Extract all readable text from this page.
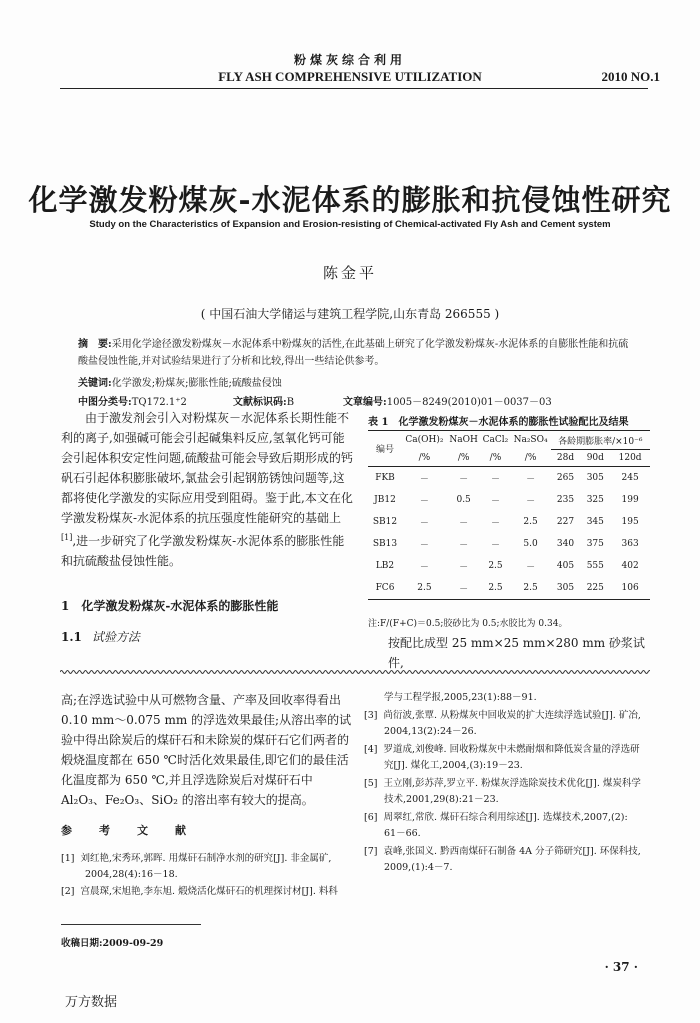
粉煤灰综合利用
FLY ASH COMPREHENSIVE UTILIZATION	2010 NO.1
化学激发粉煤灰-水泥体系的膨胀和抗侵蚀性研究
Study on the Characteristics of Expansion and Erosion-resisting of Chemical-activated Fly Ash and Cement system
陈金平
( 中国石油大学储运与建筑工程学院,山东青岛 266555 )
摘　要:采用化学途径激发粉煤灰－水泥体系中粉煤灰的活性,在此基础上研究了化学激发粉煤灰-水泥体系的自膨胀性能和抗硫酸盐侵蚀性能,并对试验结果进行了分析和比较,得出一些结论供参考。
关键词:化学激发;粉煤灰;膨胀性能;硫酸盐侵蚀
中图分类号:TQ172.1⁺2	文献标识码:B	文章编号:1005－8249(2010)01－0037－03

由于激发剂会引入对粉煤灰－水泥体系长期性能不利的离子,如强碱可能会引起碱集料反应,氢氧化钙可能会引起体积安定性问题,硫酸盐可能会导致后期形成的钙矾石引起体积膨胀破坏,氯盐会引起钢筋锈蚀问题等,这都将使化学激发的实际应用受到阻碍。鉴于此,本文在化学激发粉煤灰-水泥体系的抗压强度性能研究的基础上[1],进一步研究了化学激发粉煤灰-水泥体系的膨胀性能和抗硫酸盐侵蚀性能。

1　化学激发粉煤灰-水泥体系的膨胀性能
1.1 试验方法
表 1　化学激发粉煤灰－水泥体系的膨胀性试验配比及结果
编号	Ca(OH)₂	NaOH	CaCl₂	Na₂SO₄	各龄期膨胀率/×10⁻⁶		
	/%	/%	/%	/%	28d	90d	120d
FKB	－	－	－	－	265	305	245
JB12	－	0.5	－	－	235	325	199
SB12	－	－	－	2.5	227	345	195
SB13	－	－	－	5.0	340	375	363
LB2	－	－	2.5	－	405	555	402
FC6	2.5	－	2.5	2.5	305	225	106
注:F/(F+C)＝0.5;胶砂比为 0.5;水胶比为 0.34。
按配比成型 25 mm×25 mm×280 mm 砂浆试件,
高;在浮选试验中从可燃物含量、产率及回收率得看出 0.10 mm～0.075 mm 的浮选效果最佳;从溶出率的试验中得出除炭后的煤矸石和未除炭的煤矸石它们两者的煅烧温度都在 650 ℃时活化效果最佳,即它们的最佳活化温度都为 650 ℃,并且浮选除炭后对煤矸石中 Al₂O₃、Fe₂O₃、SiO₂ 的溶出率有较大的提高。
参　考　文　献
[1] 刘红艳,宋秀环,郭晖. 用煤矸石制净水剂的研究[J]. 非金属矿,
2004,28(4):16－18.
[2] 宫晨琛,宋旭艳,李东旭. 煅烧活化煤矸石的机理探讨材[J]. 料科
学与工程学报,2005,23(1):88－91.
[3] 尚衍波,张覃. 从粉煤灰中回收炭的扩大连续浮选试验[J]. 矿冶,
2004,13(2):24－26.
[4] 罗道成,刘俊峰. 回收粉煤灰中未燃耐烟和降低炭含量的浮选研
究[J]. 煤化工,2004,(3):19－23.
[5] 王立刚,彭苏萍,罗立平. 粉煤灰浮选除炭技术优化[J]. 煤炭科学
技术,2001,29(8):21－23.
[6] 周翠红,常欣. 煤矸石综合利用综述[J]. 选煤技术,2007,(2):
61－66.
[7] 袁峰,张国义. 黔西南煤矸石制备 4A 分子筛研究[J]. 环保科技,
2009,(1):4－7.
收稿日期:2009-09-29
· 37 ·
万方数据
